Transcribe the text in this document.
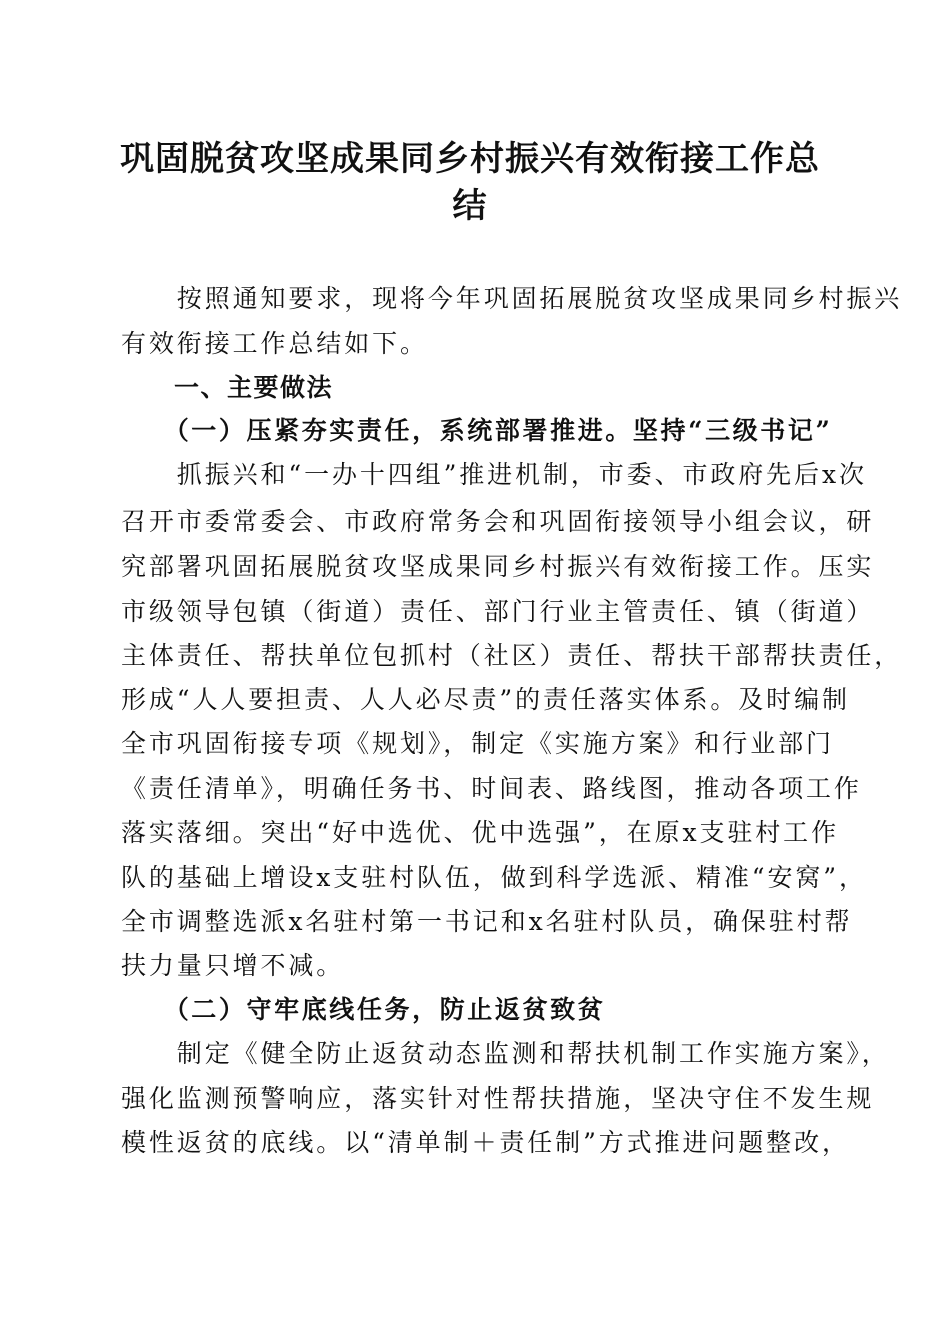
巩固脱贫攻坚成果同乡村振兴有效衔接工作总
结
　　按照通知要求，现将今年巩固拓展脱贫攻坚成果同乡村振兴
有效衔接工作总结如下。
　　一、主要做法
　　（一）压紧夯实责任，系统部署推进。坚持“三级书记”
　　抓振兴和“一办十四组”推进机制，市委、市政府先后x次
召开市委常委会、市政府常务会和巩固衔接领导小组会议，研
究部署巩固拓展脱贫攻坚成果同乡村振兴有效衔接工作。压实
市级领导包镇（街道）责任、部门行业主管责任、镇（街道）
主体责任、帮扶单位包抓村（社区）责任、帮扶干部帮扶责任，
形成“人人要担责、人人必尽责”的责任落实体系。及时编制
全市巩固衔接专项《规划》，制定《实施方案》和行业部门
《责任清单》，明确任务书、时间表、路线图，推动各项工作
落实落细。突出“好中选优、优中选强”，在原x支驻村工作
队的基础上增设x支驻村队伍，做到科学选派、精准“安窝”，
全市调整选派x名驻村第一书记和x名驻村队员，确保驻村帮
扶力量只增不减。
　　（二）守牢底线任务，防止返贫致贫
　　制定《健全防止返贫动态监测和帮扶机制工作实施方案》，
强化监测预警响应，落实针对性帮扶措施，坚决守住不发生规
模性返贫的底线。以“清单制＋责任制”方式推进问题整改，
